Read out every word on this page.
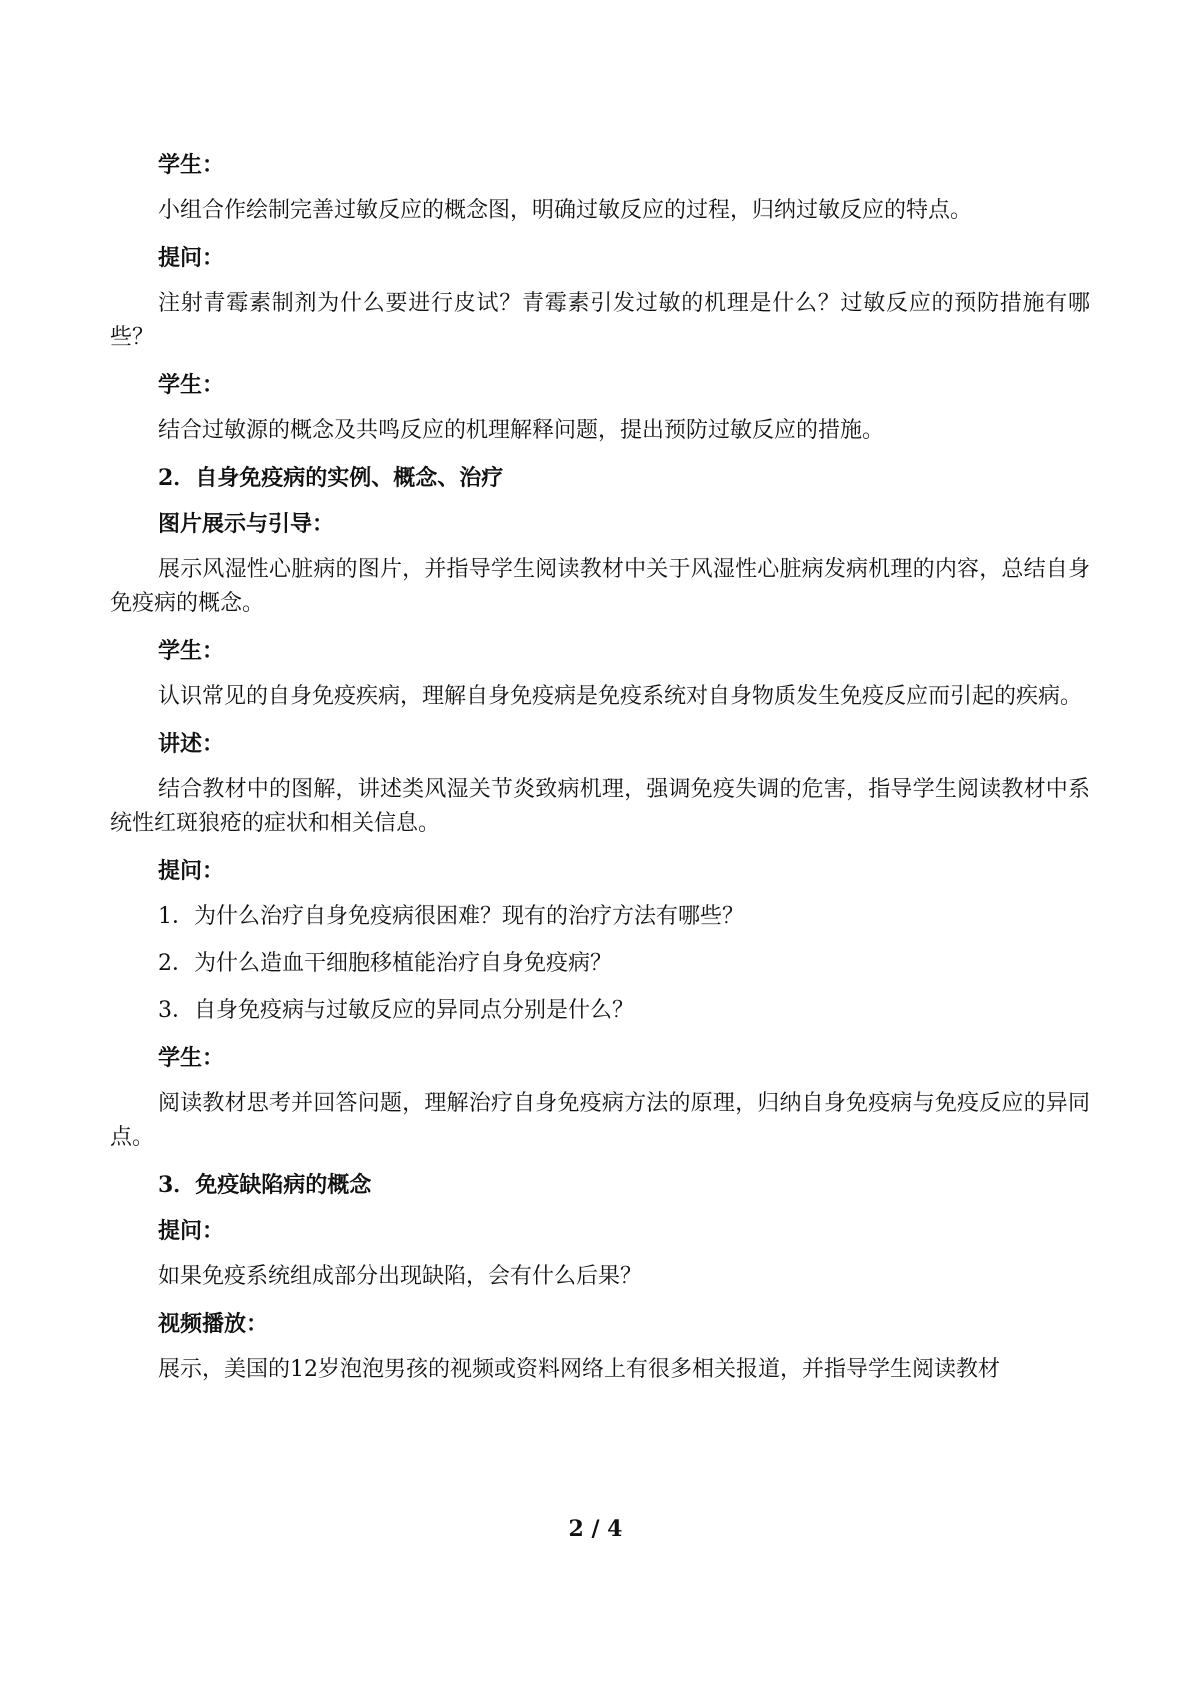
学生：

小组合作绘制完善过敏反应的概念图，明确过敏反应的过程，归纳过敏反应的特点。

提问：

注射青霉素制剂为什么要进行皮试？青霉素引发过敏的机理是什么？过敏反应的预防措施有哪些？

学生：

结合过敏源的概念及共鸣反应的机理解释问题，提出预防过敏反应的措施。

2．自身免疫病的实例、概念、治疗

图片展示与引导：

展示风湿性心脏病的图片，并指导学生阅读教材中关于风湿性心脏病发病机理的内容，总结自身免疫病的概念。

学生：

认识常见的自身免疫疾病，理解自身免疫病是免疫系统对自身物质发生免疫反应而引起的疾病。

讲述：

结合教材中的图解，讲述类风湿关节炎致病机理，强调免疫失调的危害，指导学生阅读教材中系统性红斑狼疮的症状和相关信息。

提问：

1．为什么治疗自身免疫病很困难？现有的治疗方法有哪些？

2．为什么造血干细胞移植能治疗自身免疫病？

3．自身免疫病与过敏反应的异同点分别是什么？

学生：

阅读教材思考并回答问题，理解治疗自身免疫病方法的原理，归纳自身免疫病与免疫反应的异同点。

3．免疫缺陷病的概念

提问：

如果免疫系统组成部分出现缺陷，会有什么后果？

视频播放：

展示，美国的12岁泡泡男孩的视频或资料网络上有很多相关报道，并指导学生阅读教材

2 / 4
